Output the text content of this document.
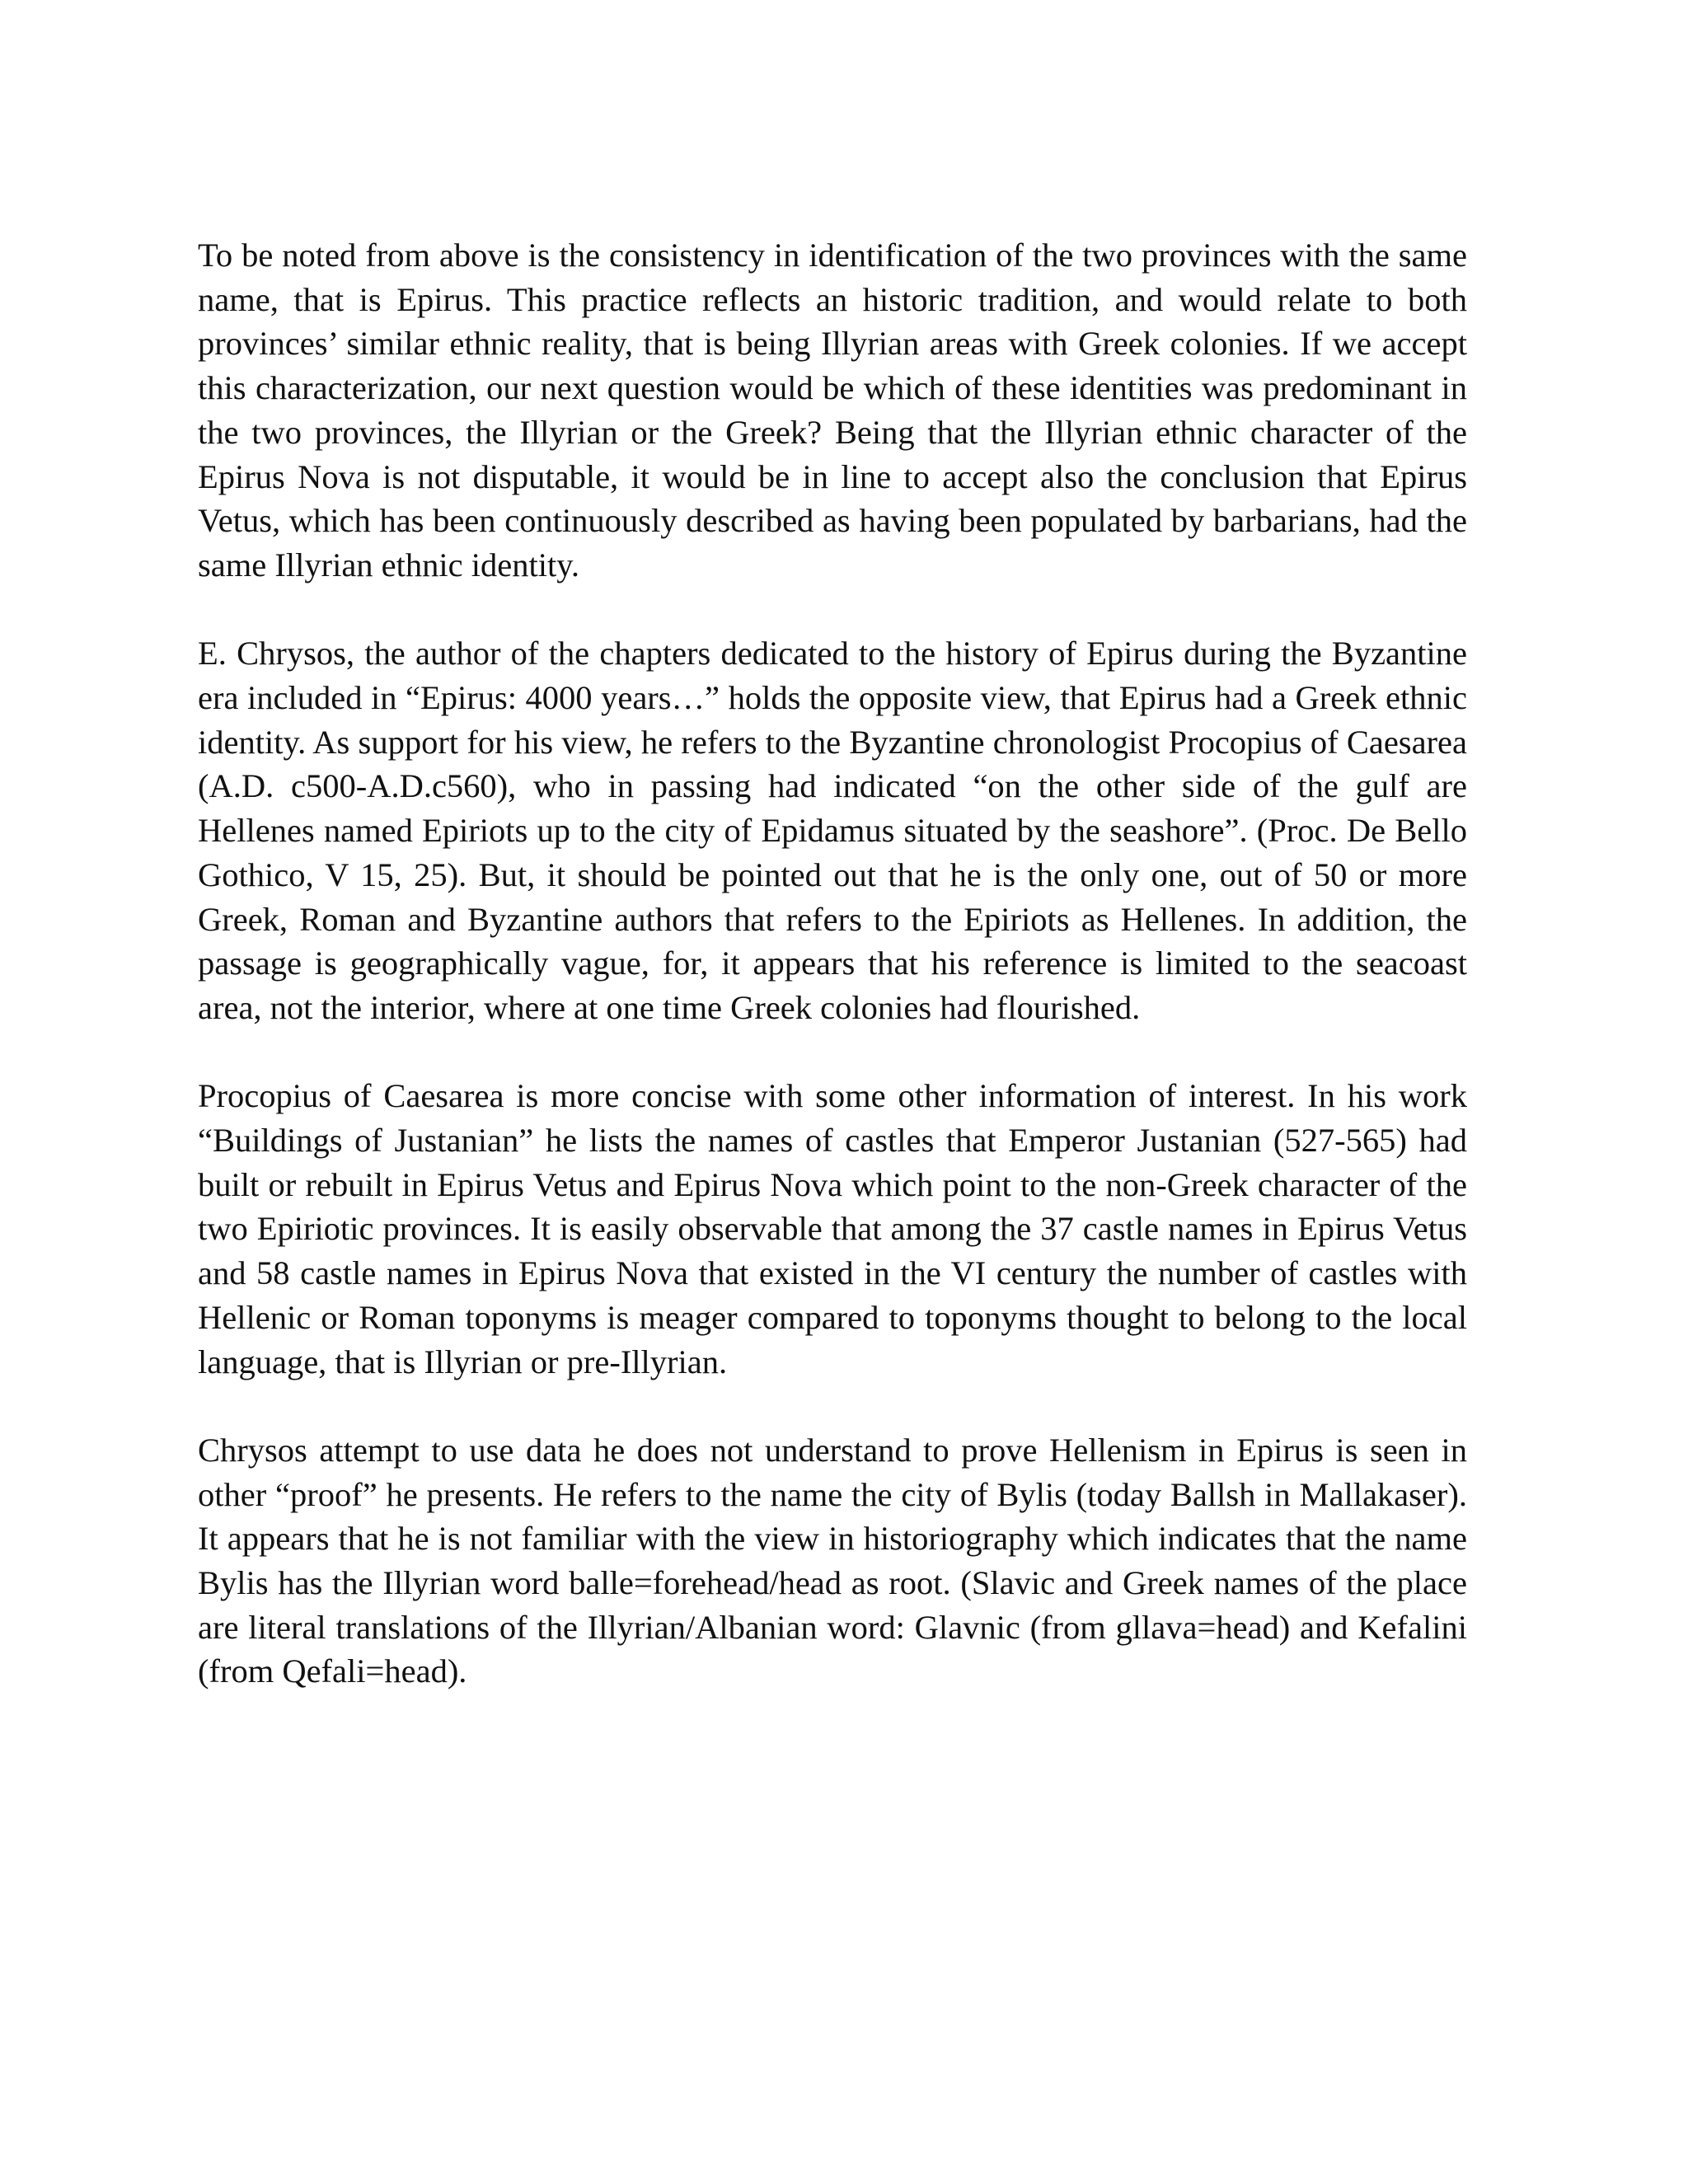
To be noted from above is the consistency in identification of the two provinces with the same name, that is Epirus. This practice reflects an historic tradition, and would relate to both provinces’ similar ethnic reality, that is being Illyrian areas with Greek colonies. If we accept this characterization, our next question would be which of these identities was predominant in the two provinces, the Illyrian or the Greek? Being that the Illyrian ethnic character of the Epirus Nova is not disputable, it would be in line to accept also the conclusion that Epirus Vetus, which has been continuously described as having been populated by barbarians, had the same Illyrian ethnic identity.

E. Chrysos, the author of the chapters dedicated to the history of Epirus during the Byzantine era included in “Epirus: 4000 years…” holds the opposite view, that Epirus had a Greek ethnic identity. As support for his view, he refers to the Byzantine chronologist Procopius of Caesarea (A.D. c500-A.D.c560), who in passing had indicated “on the other side of the gulf are Hellenes named Epiriots up to the city of Epidamus situated by the seashore”. (Proc. De Bello Gothico, V 15, 25). But, it should be pointed out that he is the only one, out of 50 or more Greek, Roman and Byzantine authors that refers to the Epiriots as Hellenes. In addition, the passage is geographically vague, for, it appears that his reference is limited to the seacoast area, not the interior, where at one time Greek colonies had flourished.

Procopius of Caesarea is more concise with some other information of interest. In his work “Buildings of Justanian” he lists the names of castles that Emperor Justanian (527-565) had built or rebuilt in Epirus Vetus and Epirus Nova which point to the non-Greek character of the two Epiriotic provinces. It is easily observable that among the 37 castle names in Epirus Vetus and 58 castle names in Epirus Nova that existed in the VI century the number of castles with Hellenic or Roman toponyms is meager compared to toponyms thought to belong to the local language, that is Illyrian or pre-Illyrian.

Chrysos attempt to use data he does not understand to prove Hellenism in Epirus is seen in other “proof” he presents. He refers to the name the city of Bylis (today Ballsh in Mallakaser). It appears that he is not familiar with the view in historiography which indicates that the name Bylis has the Illyrian word balle=forehead/head as root. (Slavic and Greek names of the place are literal translations of the Illyrian/Albanian word: Glavnic (from gllava=head) and Kefalini (from Qefali=head).
